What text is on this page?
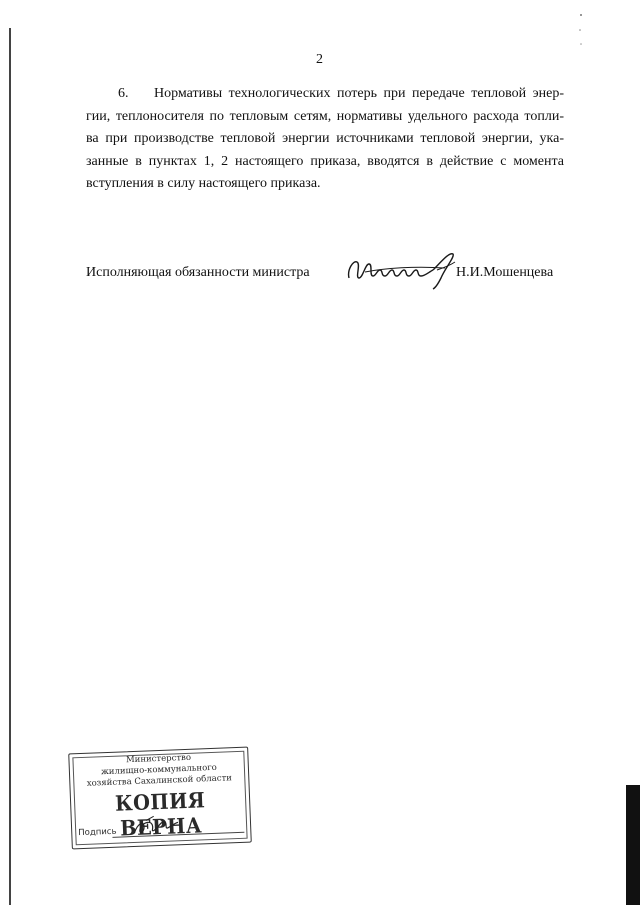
2
6. Нормативы технологических потерь при передаче тепловой энер-
гии, теплоносителя по тепловым сетям, нормативы удельного расхода топли-
ва при производстве тепловой энергии источниками тепловой энергии, ука-
занные в пунктах 1, 2 настоящего приказа, вводятся в действие с момента
вступления в силу настоящего приказа.
Исполняющая обязанности министра	Н.И.Мошенцева
Министерство
жилищно-коммунального
хозяйства Сахалинской области
КОПИЯ ВЕРНА
Подпись
